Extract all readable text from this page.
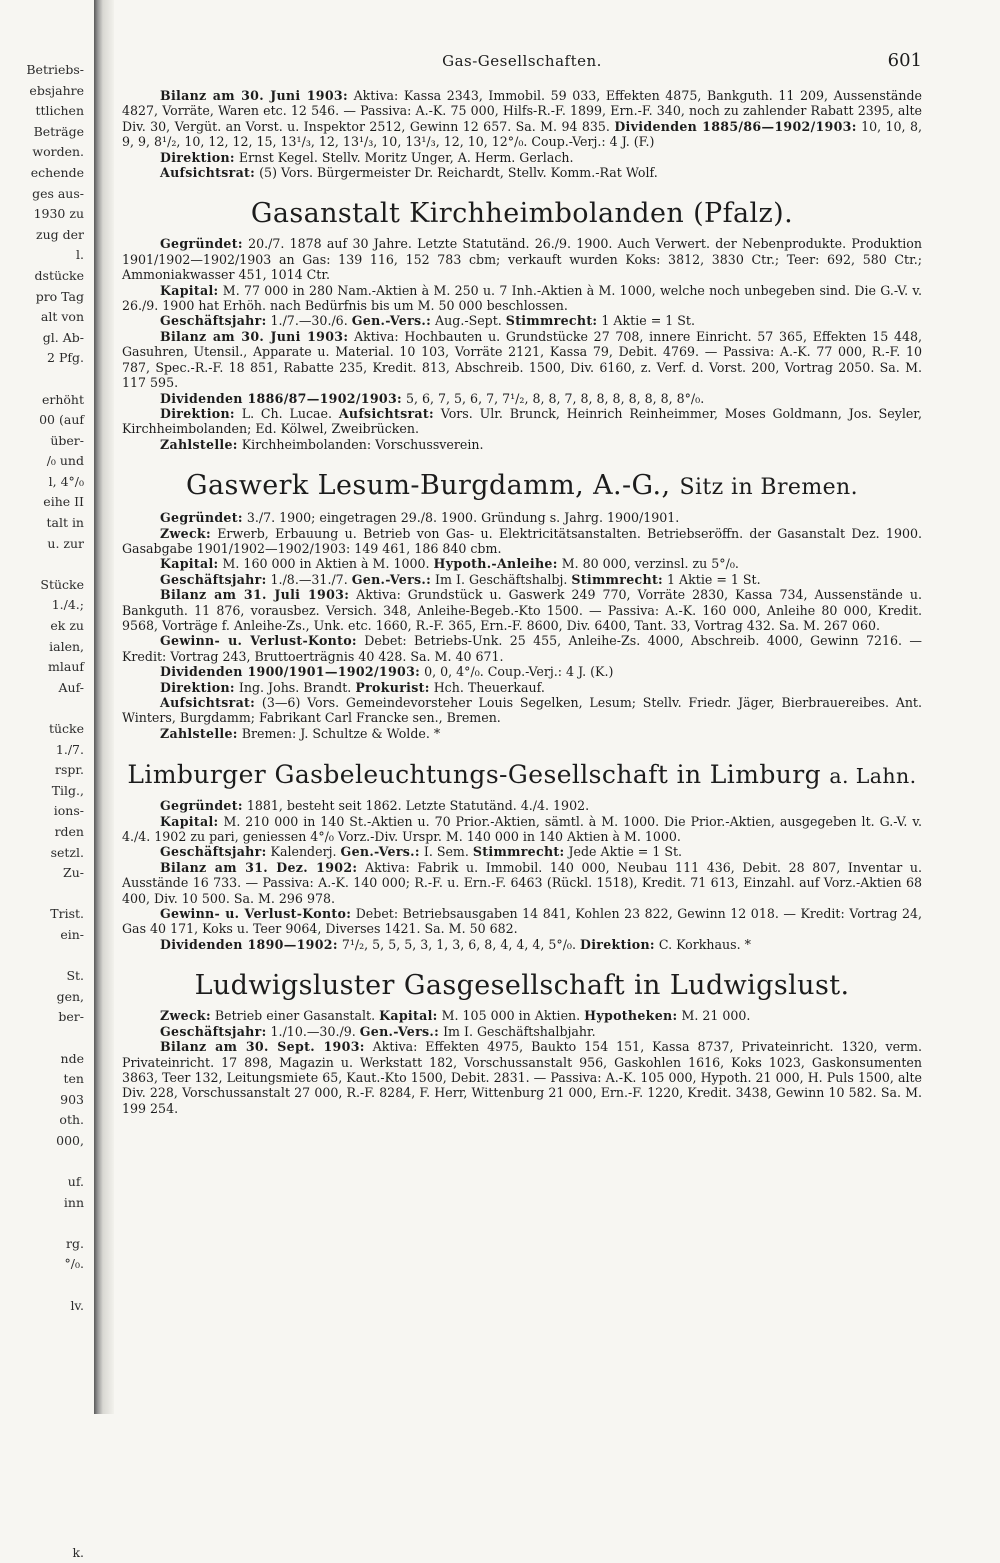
Betriebs-
ebsjahre
ttlichen
Beträge
worden.
echende
ges aus-
1930 zu
zug der
l.
dstücke
pro Tag
alt von
gl. Ab-
2 Pfg.

erhöht
00 (auf
über-
/₀ und
l, 4°/₀
eihe II
talt in
u. zur

Stücke
1./4.;
ek zu
ialen,
mlauf
Auf-

tücke
1./7.
rspr.
Tilg.,
ions-
rden
setzl.
Zu-

Trist.
ein-

St.
gen,
ber-

nde
ten
903
oth.
000,

uf.
inn

rg.
°/₀.

lv.

k.
Gas-Gesellschaften.	601

Bilanz am 30. Juni 1903: Aktiva: Kassa 2343, Immobil. 59 033, Effekten 4875, Bankguth. 11 209, Aussenstände 4827, Vorräte, Waren etc. 12 546. — Passiva: A.-K. 75 000, Hilfs-R.-F. 1899, Ern.-F. 340, noch zu zahlender Rabatt 2395, alte Div. 30, Vergüt. an Vorst. u. Inspektor 2512, Gewinn 12 657. Sa. M. 94 835. Dividenden 1885/86—1902/1903: 10, 10, 8, 9, 9, 8¹/₂, 10, 12, 12, 15, 13¹/₃, 12, 13¹/₃, 10, 13¹/₃, 12, 10, 12°/₀. Coup.-Verj.: 4 J. (F.)

Direktion: Ernst Kegel. Stellv. Moritz Unger, A. Herm. Gerlach.

Aufsichtsrat: (5) Vors. Bürgermeister Dr. Reichardt, Stellv. Komm.-Rat Wolf.

Gasanstalt Kirchheimbolanden (Pfalz).

Gegründet: 20./7. 1878 auf 30 Jahre. Letzte Statutänd. 26./9. 1900. Auch Verwert. der Nebenprodukte. Produktion 1901/1902—1902/1903 an Gas: 139 116, 152 783 cbm; verkauft wurden Koks: 3812, 3830 Ctr.; Teer: 692, 580 Ctr.; Ammoniakwasser 451, 1014 Ctr.

Kapital: M. 77 000 in 280 Nam.-Aktien à M. 250 u. 7 Inh.-Aktien à M. 1000, welche noch unbegeben sind. Die G.-V. v. 26./9. 1900 hat Erhöh. nach Bedürfnis bis um M. 50 000 beschlossen.

Geschäftsjahr: 1./7.—30./6. Gen.-Vers.: Aug.-Sept. Stimmrecht: 1 Aktie = 1 St.

Bilanz am 30. Juni 1903: Aktiva: Hochbauten u. Grundstücke 27 708, innere Einricht. 57 365, Effekten 15 448, Gasuhren, Utensil., Apparate u. Material. 10 103, Vorräte 2121, Kassa 79, Debit. 4769. — Passiva: A.-K. 77 000, R.-F. 10 787, Spec.-R.-F. 18 851, Rabatte 235, Kredit. 813, Abschreib. 1500, Div. 6160, z. Verf. d. Vorst. 200, Vortrag 2050. Sa. M. 117 595.

Dividenden 1886/87—1902/1903: 5, 6, 7, 5, 6, 7, 7¹/₂, 8, 8, 7, 8, 8, 8, 8, 8, 8, 8°/₀.

Direktion: L. Ch. Lucae. Aufsichtsrat: Vors. Ulr. Brunck, Heinrich Reinheimmer, Moses Goldmann, Jos. Seyler, Kirchheimbolanden; Ed. Kölwel, Zweibrücken.

Zahlstelle: Kirchheimbolanden: Vorschussverein.

Gaswerk Lesum-Burgdamm, A.-G., Sitz in Bremen.

Gegründet: 3./7. 1900; eingetragen 29./8. 1900. Gründung s. Jahrg. 1900/1901.

Zweck: Erwerb, Erbauung u. Betrieb von Gas- u. Elektricitätsanstalten. Betriebseröffn. der Gasanstalt Dez. 1900. Gasabgabe 1901/1902—1902/1903: 149 461, 186 840 cbm.

Kapital: M. 160 000 in Aktien à M. 1000. Hypoth.-Anleihe: M. 80 000, verzinsl. zu 5°/₀.

Geschäftsjahr: 1./8.—31./7. Gen.-Vers.: Im I. Geschäftshalbj. Stimmrecht: 1 Aktie = 1 St.

Bilanz am 31. Juli 1903: Aktiva: Grundstück u. Gaswerk 249 770, Vorräte 2830, Kassa 734, Aussenstände u. Bankguth. 11 876, vorausbez. Versich. 348, Anleihe-Begeb.-Kto 1500. — Passiva: A.-K. 160 000, Anleihe 80 000, Kredit. 9568, Vorträge f. Anleihe-Zs., Unk. etc. 1660, R.-F. 365, Ern.-F. 8600, Div. 6400, Tant. 33, Vortrag 432. Sa. M. 267 060.

Gewinn- u. Verlust-Konto: Debet: Betriebs-Unk. 25 455, Anleihe-Zs. 4000, Abschreib. 4000, Gewinn 7216. — Kredit: Vortrag 243, Bruttoerträgnis 40 428. Sa. M. 40 671.

Dividenden 1900/1901—1902/1903: 0, 0, 4°/₀. Coup.-Verj.: 4 J. (K.)

Direktion: Ing. Johs. Brandt. Prokurist: Hch. Theuerkauf.

Aufsichtsrat: (3—6) Vors. Gemeindevorsteher Louis Segelken, Lesum; Stellv. Friedr. Jäger, Bierbrauereibes. Ant. Winters, Burgdamm; Fabrikant Carl Francke sen., Bremen.

Zahlstelle: Bremen: J. Schultze & Wolde. *

Limburger Gasbeleuchtungs-Gesellschaft in Limburg a. Lahn.

Gegründet: 1881, besteht seit 1862. Letzte Statutänd. 4./4. 1902.

Kapital: M. 210 000 in 140 St.-Aktien u. 70 Prior.-Aktien, sämtl. à M. 1000. Die Prior.-Aktien, ausgegeben lt. G.-V. v. 4./4. 1902 zu pari, geniessen 4°/₀ Vorz.-Div. Urspr. M. 140 000 in 140 Aktien à M. 1000.

Geschäftsjahr: Kalenderj. Gen.-Vers.: I. Sem. Stimmrecht: Jede Aktie = 1 St.

Bilanz am 31. Dez. 1902: Aktiva: Fabrik u. Immobil. 140 000, Neubau 111 436, Debit. 28 807, Inventar u. Ausstände 16 733. — Passiva: A.-K. 140 000; R.-F. u. Ern.-F. 6463 (Rückl. 1518), Kredit. 71 613, Einzahl. auf Vorz.-Aktien 68 400, Div. 10 500. Sa. M. 296 978.

Gewinn- u. Verlust-Konto: Debet: Betriebsausgaben 14 841, Kohlen 23 822, Gewinn 12 018. — Kredit: Vortrag 24, Gas 40 171, Koks u. Teer 9064, Diverses 1421. Sa. M. 50 682.

Dividenden 1890—1902: 7¹/₂, 5, 5, 5, 3, 1, 3, 6, 8, 4, 4, 4, 5°/₀. Direktion: C. Korkhaus. *

Ludwigsluster Gasgesellschaft in Ludwigslust.

Zweck: Betrieb einer Gasanstalt. Kapital: M. 105 000 in Aktien. Hypotheken: M. 21 000.

Geschäftsjahr: 1./10.—30./9. Gen.-Vers.: Im I. Geschäftshalbjahr.

Bilanz am 30. Sept. 1903: Aktiva: Effekten 4975, Baukto 154 151, Kassa 8737, Privateinricht. 1320, verm. Privateinricht. 17 898, Magazin u. Werkstatt 182, Vorschussanstalt 956, Gaskohlen 1616, Koks 1023, Gaskonsumenten 3863, Teer 132, Leitungsmiete 65, Kaut.-Kto 1500, Debit. 2831. — Passiva: A.-K. 105 000, Hypoth. 21 000, H. Puls 1500, alte Div. 228, Vorschussanstalt 27 000, R.-F. 8284, F. Herr, Wittenburg 21 000, Ern.-F. 1220, Kredit. 3438, Gewinn 10 582. Sa. M. 199 254.
